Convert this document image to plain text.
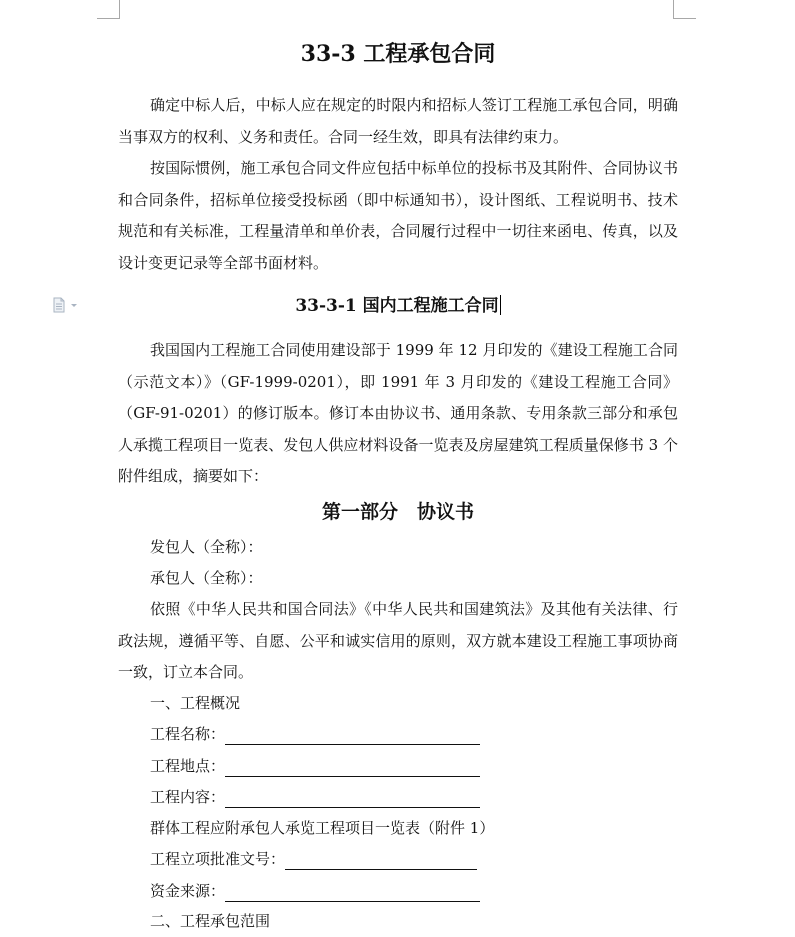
33-3 工程承包合同
确定中标人后，中标人应在规定的时限内和招标人签订工程施工承包合同，明确当事双方的权利、义务和责任。合同一经生效，即具有法律约束力。
按国际惯例，施工承包合同文件应包括中标单位的投标书及其附件、合同协议书和合同条件，招标单位接受投标函（即中标通知书），设计图纸、工程说明书、技术规范和有关标准，工程量清单和单价表，合同履行过程中一切往来函电、传真，以及设计变更记录等全部书面材料。
33-3-1 国内工程施工合同
我国国内工程施工合同使用建设部于 1999 年 12 月印发的《建设工程施工合同（示范文本）》（GF-1999-0201），即 1991 年 3 月印发的《建设工程施工合同》（GF-91-0201）的修订版本。修订本由协议书、通用条款、专用条款三部分和承包人承揽工程项目一览表、发包人供应材料设备一览表及房屋建筑工程质量保修书 3 个附件组成，摘要如下：
第一部分　协议书
发包人（全称）：
承包人（全称）：
依照《中华人民共和国合同法》《中华人民共和国建筑法》及其他有关法律、行政法规，遵循平等、自愿、公平和诚实信用的原则，双方就本建设工程施工事项协商一致，订立本合同。
一、工程概况
工程名称：
工程地点：
工程内容：
群体工程应附承包人承览工程项目一览表（附件 1）
工程立项批准文号：
资金来源：
二、工程承包范围
